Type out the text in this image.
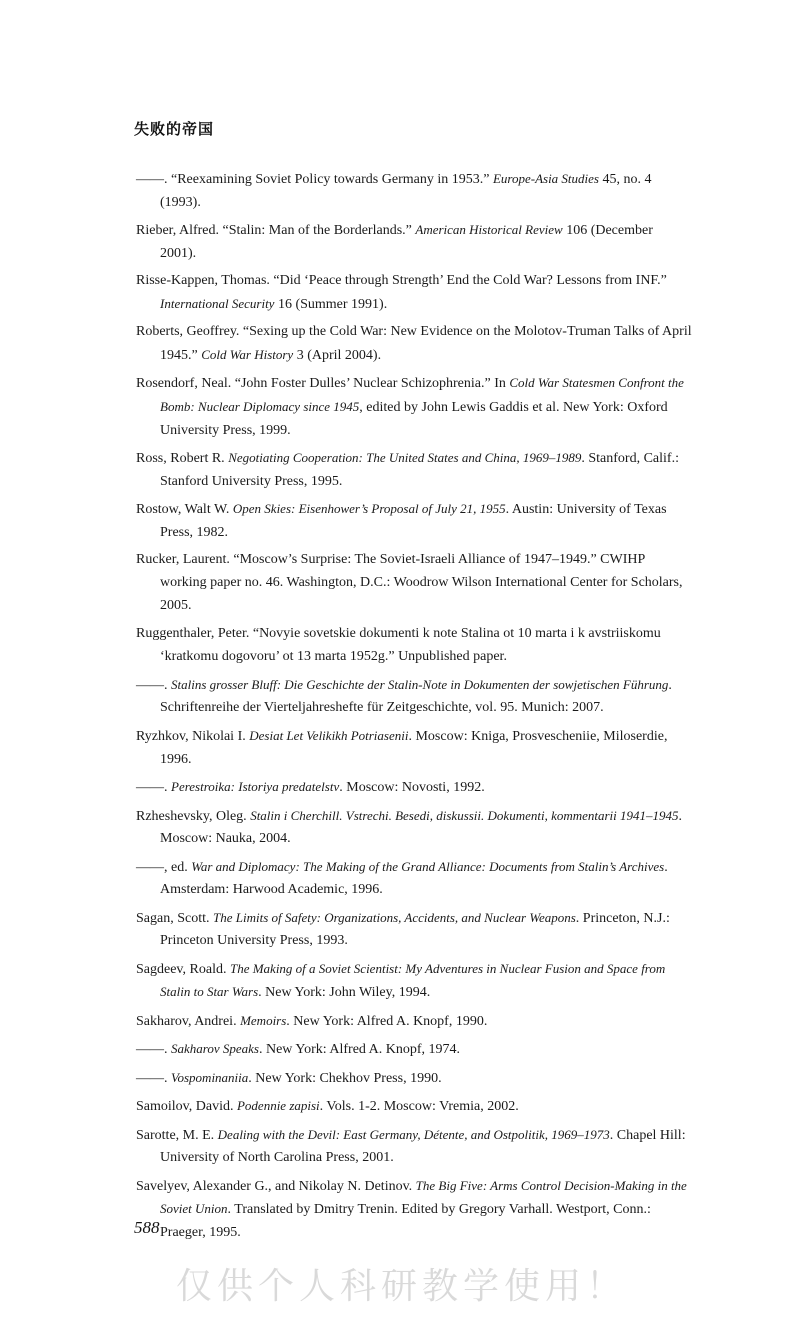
失败的帝国
——. “Reexamining Soviet Policy towards Germany in 1953.” Europe-Asia Studies 45, no. 4 (1993).
Rieber, Alfred. “Stalin: Man of the Borderlands.” American Historical Review 106 (December 2001).
Risse-Kappen, Thomas. “Did ‘Peace through Strength’ End the Cold War? Lessons from INF.” International Security 16 (Summer 1991).
Roberts, Geoffrey. “Sexing up the Cold War: New Evidence on the Molotov-Truman Talks of April 1945.” Cold War History 3 (April 2004).
Rosendorf, Neal. “John Foster Dulles’ Nuclear Schizophrenia.” In Cold War Statesmen Confront the Bomb: Nuclear Diplomacy since 1945, edited by John Lewis Gaddis et al. New York: Oxford University Press, 1999.
Ross, Robert R. Negotiating Cooperation: The United States and China, 1969–1989. Stanford, Calif.: Stanford University Press, 1995.
Rostow, Walt W. Open Skies: Eisenhower’s Proposal of July 21, 1955. Austin: University of Texas Press, 1982.
Rucker, Laurent. “Moscow’s Surprise: The Soviet-Israeli Alliance of 1947–1949.” CWIHP working paper no. 46. Washington, D.C.: Woodrow Wilson International Center for Scholars, 2005.
Ruggenthaler, Peter. “Novyie sovetskie dokumenti k note Stalina ot 10 marta i k avstriiskomu ‘kratkomu dogovoru’ ot 13 marta 1952g.” Unpublished paper.
——. Stalins grosser Bluff: Die Geschichte der Stalin-Note in Dokumenten der sowjetischen Führung. Schriftenreihe der Vierteljahreshefte für Zeitgeschichte, vol. 95. Munich: 2007.
Ryzhkov, Nikolai I. Desiat Let Velikikh Potriasenii. Moscow: Kniga, Prosvescheniie, Miloserdie, 1996.
——. Perestroika: Istoriya predatelstv. Moscow: Novosti, 1992.
Rzheshevsky, Oleg. Stalin i Cherchill. Vstrechi. Besedi, diskussii. Dokumenti, kommentarii 1941–1945. Moscow: Nauka, 2004.
——, ed. War and Diplomacy: The Making of the Grand Alliance: Documents from Stalin’s Archives. Amsterdam: Harwood Academic, 1996.
Sagan, Scott. The Limits of Safety: Organizations, Accidents, and Nuclear Weapons. Princeton, N.J.: Princeton University Press, 1993.
Sagdeev, Roald. The Making of a Soviet Scientist: My Adventures in Nuclear Fusion and Space from Stalin to Star Wars. New York: John Wiley, 1994.
Sakharov, Andrei. Memoirs. New York: Alfred A. Knopf, 1990.
——. Sakharov Speaks. New York: Alfred A. Knopf, 1974.
——. Vospominaniia. New York: Chekhov Press, 1990.
Samoilov, David. Podennie zapisi. Vols. 1-2. Moscow: Vremia, 2002.
Sarotte, M. E. Dealing with the Devil: East Germany, Détente, and Ostpolitik, 1969–1973. Chapel Hill: University of North Carolina Press, 2001.
Savelyev, Alexander G., and Nikolay N. Detinov. The Big Five: Arms Control Decision-Making in the Soviet Union. Translated by Dmitry Trenin. Edited by Gregory Varhall. Westport, Conn.: Praeger, 1995.
588
仅供个人科研教学使用！
